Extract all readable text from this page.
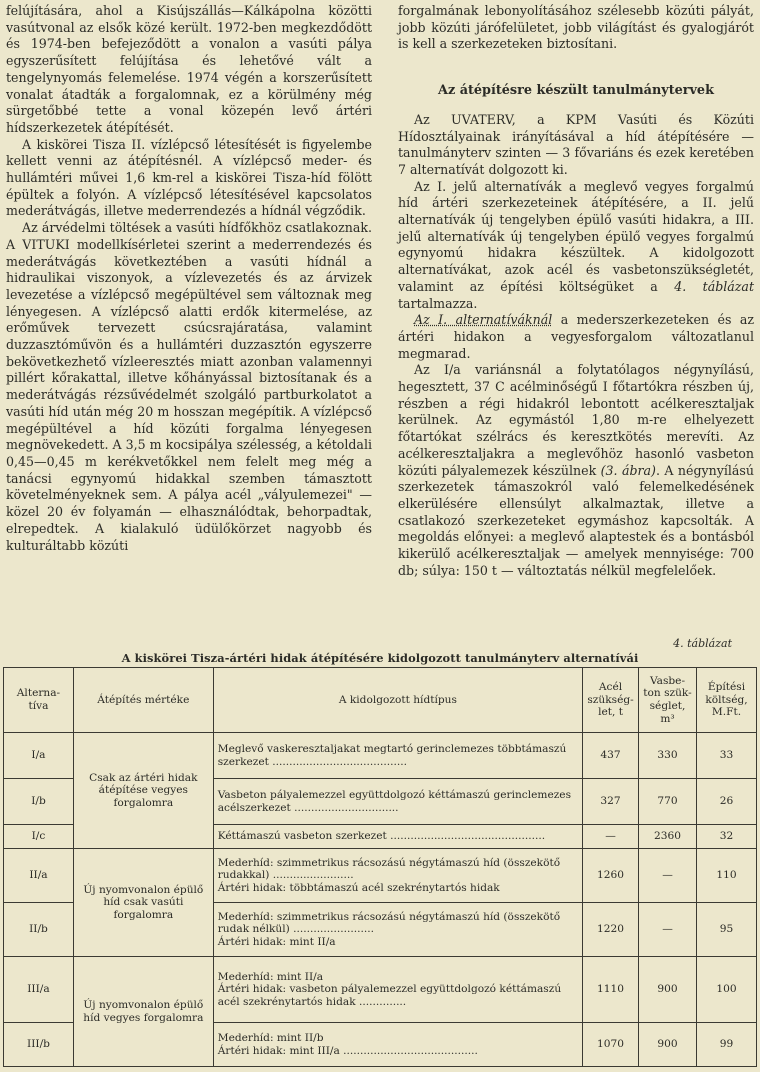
felújítására, ahol a Kisújszállás—Kálkápolna közötti vasútvonal az elsők közé került. 1972-ben megkezdődött és 1974-ben befejeződött a vonalon a vasúti pálya egyszerűsített felújítása és lehetővé vált a tengelynyomás felemelése. 1974 végén a korszerűsített vonalat átadták a forgalomnak, ez a körülmény még sürgetőbbé tette a vonal közepén levő ártéri hídszerkezetek átépítését.

A kiskörei Tisza II. vízlépcső létesítését is figyelembe kellett venni az átépítésnél. A vízlépcső meder- és hullámtéri művei 1,6 km-rel a kiskörei Tisza-híd fölött épültek a folyón. A vízlépcső létesítésével kapcsolatos mederátvágás, illetve mederrendezés a hídnál végződik.

Az árvédelmi töltések a vasúti hídfőkhöz csatlakoznak. A VITUKI modellkísérletei szerint a mederrendezés és mederátvágás következtében a vasúti hídnál a hidraulikai viszonyok, a vízlevezetés és az árvizek levezetése a vízlépcső megépültével sem változnak meg lényegesen. A vízlépcső alatti erdők kitermelése, az erőművek tervezett csúcsrajáratása, valamint duzzasztóművön és a hullámtéri duzzasztón egyszerre bekövetkezhető vízleeresztés miatt azonban valamennyi pillért kőrakattal, illetve kőhányással biztosítanak és a mederátvágás rézsűvédelmét szolgáló partburkolatot a vasúti híd után még 20 m hosszan megépítik. A vízlépcső megépültével a híd közúti forgalma lényegesen megnövekedett. A 3,5 m kocsipálya szélesség, a kétoldali 0,45—0,45 m kerékvetőkkel nem felelt meg még a tanácsi egynyomú hidakkal szemben támasztott követelményeknek sem. A pálya acél „vályulemezei" — közel 20 év folyamán — elhasználódtak, behorpadtak, elrepedtek. A kialakuló üdülőkörzet nagyobb és kulturáltabb közúti

forgalmának lebonyolításához szélesebb közúti pályát, jobb közúti járófelületet, jobb világítást és gyalogjárót is kell a szerkezeteken biztosítani.

Az átépítésre készült tanulmánytervek

Az UVATERV, a KPM Vasúti és Közúti Hídosztályainak irányításával a híd átépítésére — tanulmányterv szinten — 3 fővariáns és ezek keretében 7 alternatívát dolgozott ki.

Az I. jelű alternatívák a meglevő vegyes forgalmú híd ártéri szerkezeteinek átépítésére, a II. jelű alternatívák új tengelyben épülő vasúti hidakra, a III. jelű alternatívák új tengelyben épülő vegyes forgalmú egynyomú hidakra készültek. A kidolgozott alternatívákat, azok acél és vasbetonszükségletét, valamint az építési költségüket a 4. táblázat tartalmazza.

Az I. alternatíváknál a mederszerkezeteken és az ártéri hidakon a vegyesforgalom változatlanul megmarad.

Az I/a variánsnál a folytatólagos négynyílású, hegesztett, 37 C acélminőségű I főtartókra részben új, részben a régi hidakról lebontott acélkeresztaljak kerülnek. Az egymástól 1,80 m-re elhelyezett főtartókat szélrács és keresztkötés merevíti. Az acélkeresztaljakra a meglevőhöz hasonló vasbeton közúti pályalemezek készülnek (3. ábra). A négynyílású szerkezetek támaszokról való felemelkedésének elkerülésére ellensúlyt alkalmaztak, illetve a csatlakozó szerkezeteket egymáshoz kapcsolták. A megoldás előnyei: a meglevő alaptestek és a bontásból kikerülő acélkeresztaljak — amelyek mennyisége: 700 db; súlya: 150 t — változtatás nélkül megfelelőek.

4. táblázat
A kiskörei Tisza-ártéri hidak átépítésére kidolgozott tanulmányterv alternatívái
Alterna-tíva	Átépítés mértéke	A kidolgozott hídtípus	Acél szükség-let, t	Vasbe-ton szük-séglet, m³	Építési költség, M.Ft.
I/a	Csak az ártéri hidak átépítése vegyes forgalomra	Meglevő vaskeresztaljakat megtartó gerinclemezes többtámaszú szerkezet ........................................	437	330	33
I/b		Vasbeton pályalemezzel együttdolgozó kéttámaszú gerinclemezes acélszerkezet ...............................	327	770	26
I/c		Kéttámaszú vasbeton szerkezet ..............................................	—	2360	32
II/a	Új nyomvonalon épülő híd csak vasúti forgalomra	Mederhíd: szimmetrikus rácsozású négytámaszú híd (összekötő rudakkal) ........................
Ártéri hidak: többtámaszú acél szekrénytartós hidak	1260	—	110
II/b		Mederhíd: szimmetrikus rácsozású négytámaszú híd (összekötő rudak nélkül) ........................
Ártéri hidak: mint II/a	1220	—	95
III/a	Új nyomvonalon épülő híd vegyes forgalomra	Mederhíd: mint II/a
Ártéri hidak: vasbeton pályalemezzel együttdolgozó kéttámaszú acél szekrénytartós hidak ..............	1110	900	100
III/b		Mederhíd: mint II/b
Ártéri hidak: mint III/a ........................................	1070	900	99
